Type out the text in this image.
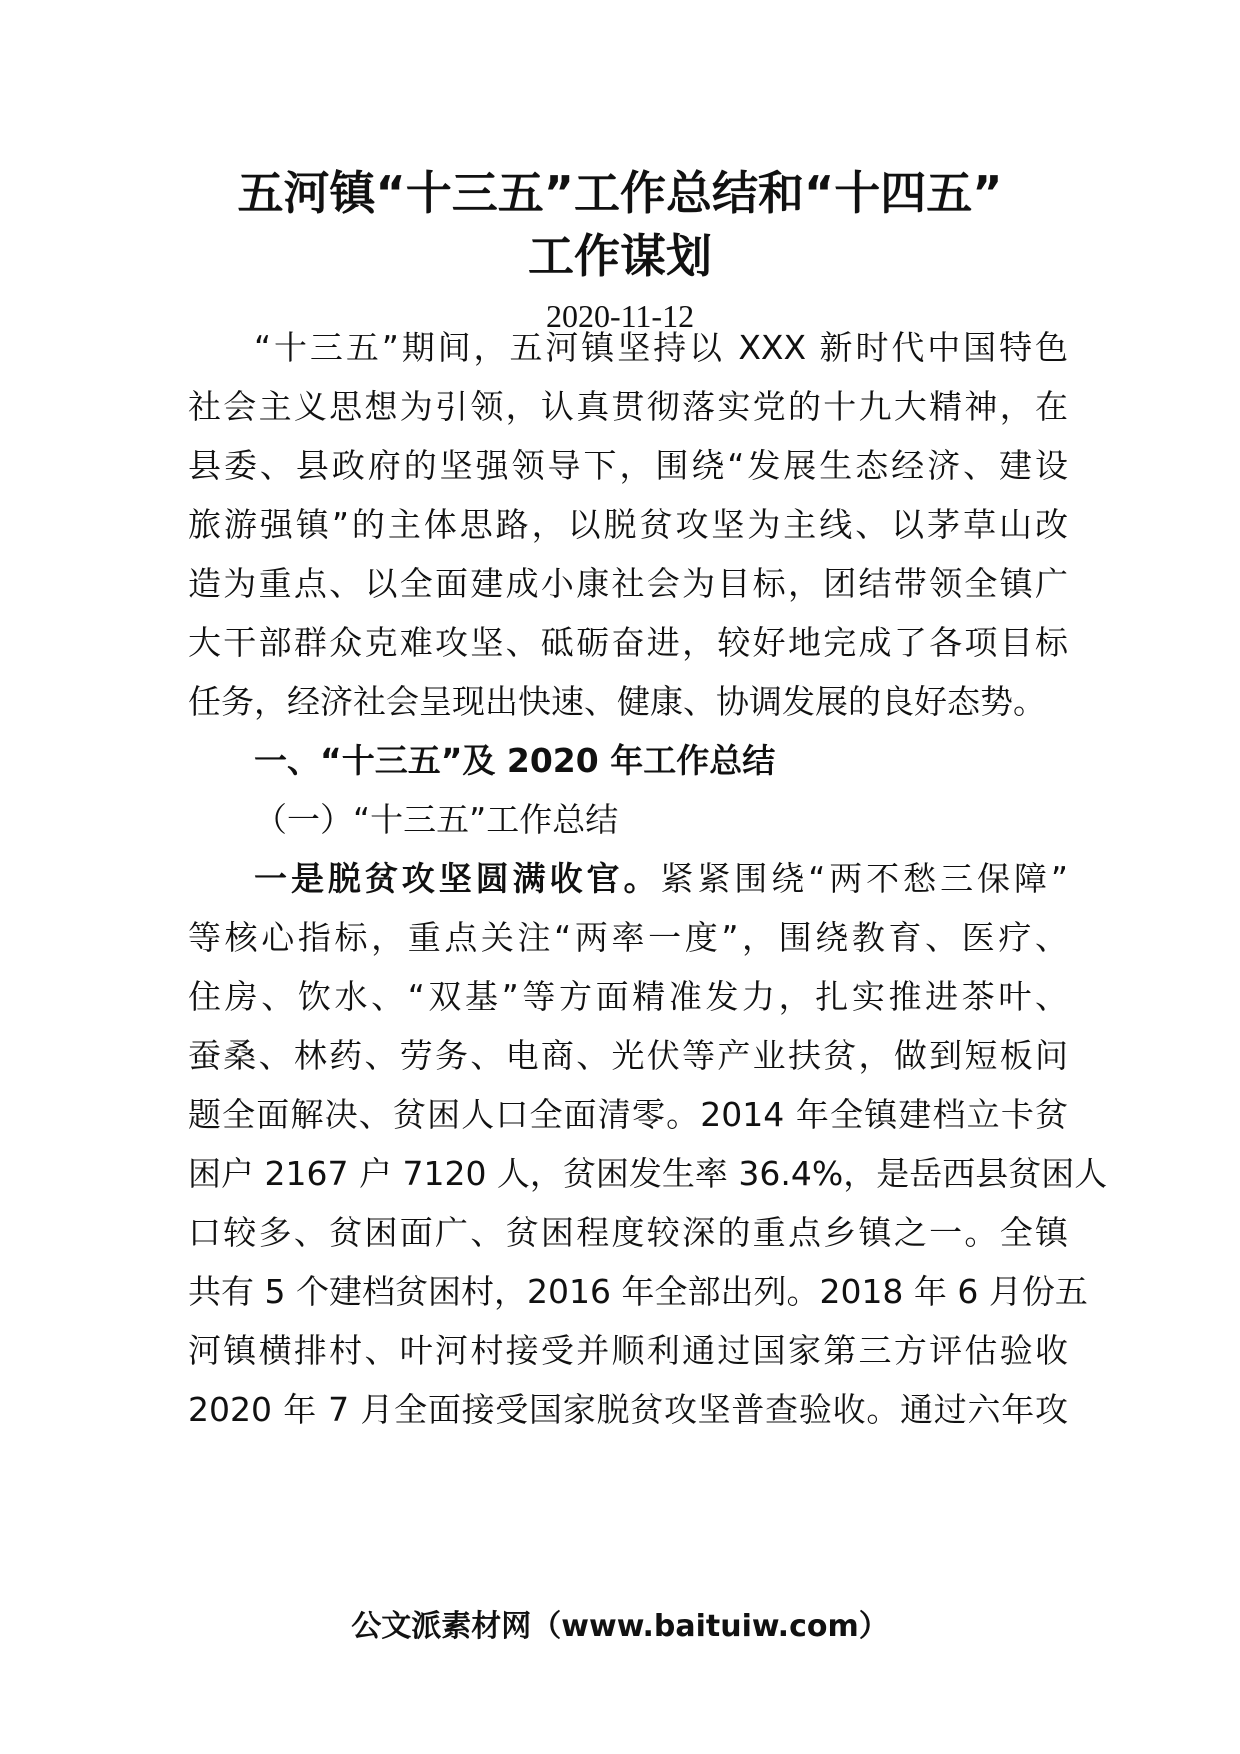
五河镇“十三五”工作总结和“十四五”
工作谋划
2020-11-12
“十三五”期间，五河镇坚持以 XXX 新时代中国特色
社会主义思想为引领，认真贯彻落实党的十九大精神，在
县委、县政府的坚强领导下，围绕“发展生态经济、建设
旅游强镇”的主体思路，以脱贫攻坚为主线、以茅草山改
造为重点、以全面建成小康社会为目标，团结带领全镇广
大干部群众克难攻坚、砥砺奋进，较好地完成了各项目标
任务，经济社会呈现出快速、健康、协调发展的良好态势。
一、“十三五”及 2020 年工作总结
（一）“十三五”工作总结
一是脱贫攻坚圆满收官。紧紧围绕“两不愁三保障”
等核心指标，重点关注“两率一度”，围绕教育、医疗、
住房、饮水、“双基”等方面精准发力，扎实推进茶叶、
蚕桑、林药、劳务、电商、光伏等产业扶贫，做到短板问
题全面解决、贫困人口全面清零。2014 年全镇建档立卡贫
困户 2167 户 7120 人，贫困发生率 36.4%，是岳西县贫困人
口较多、贫困面广、贫困程度较深的重点乡镇之一。全镇
共有 5 个建档贫困村，2016 年全部出列。2018 年 6 月份五
河镇横排村、叶河村接受并顺利通过国家第三方评估验收
2020 年 7 月全面接受国家脱贫攻坚普查验收。通过六年攻
公文派素材网（www.baituiw.com）
